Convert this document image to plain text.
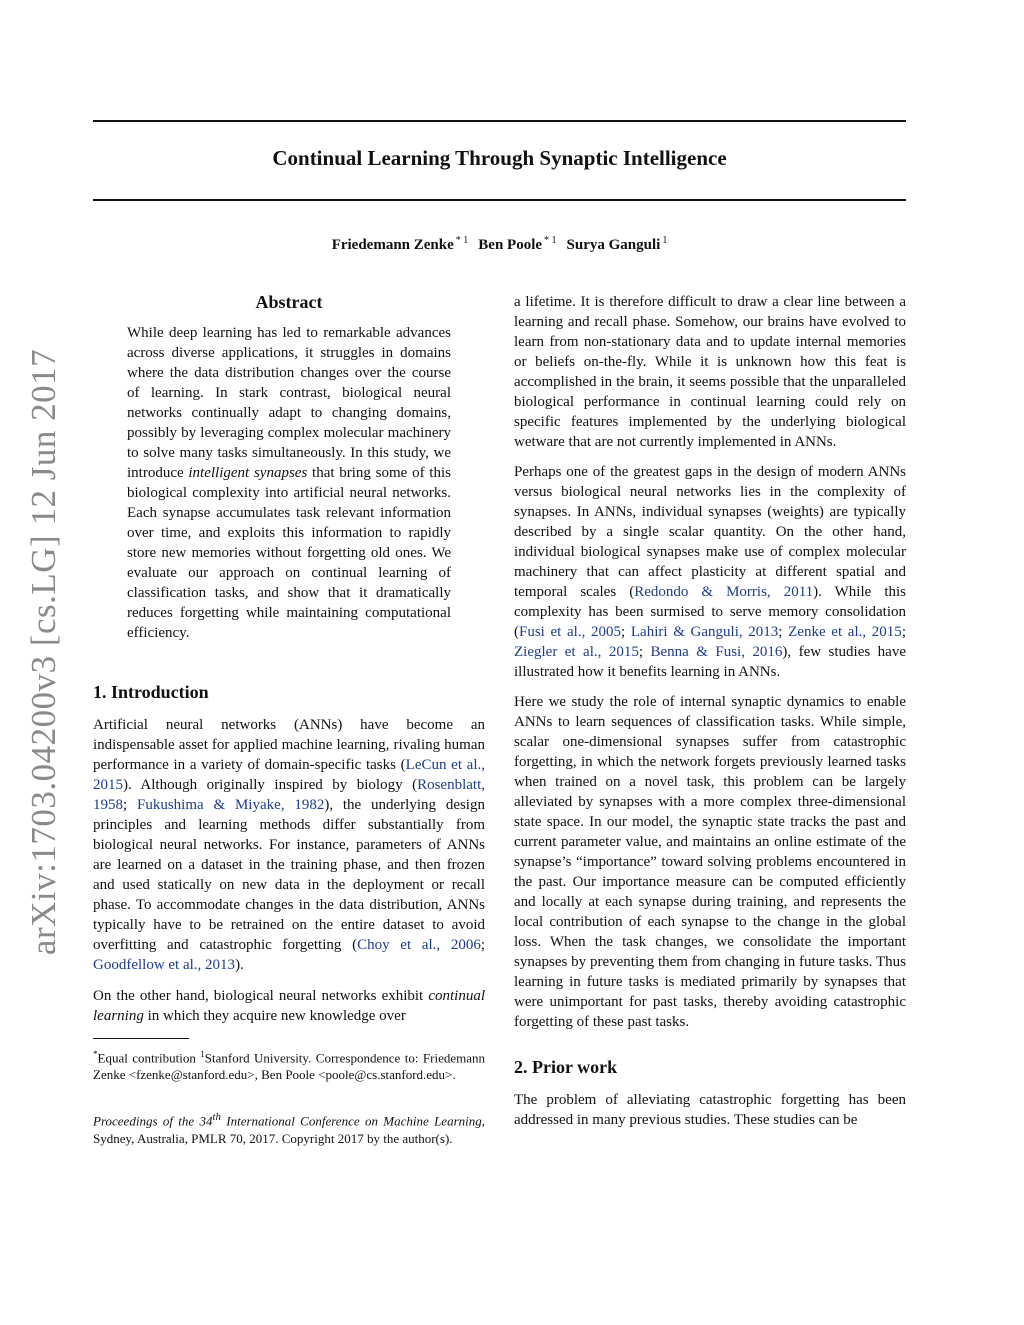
arXiv:1703.04200v3 [cs.LG] 12 Jun 2017
Continual Learning Through Synaptic Intelligence
Friedemann Zenke $^{* 1}$ Ben Poole $^{* 1}$ Surya Ganguli $^1$
Abstract

While deep learning has led to remarkable advances across diverse applications, it struggles in domains where the data distribution changes over the course of learning. In stark contrast, biological neural networks continually adapt to changing domains, possibly by leveraging complex molecular machinery to solve many tasks simultaneously. In this study, we introduce intelligent synapses that bring some of this biological complexity into artificial neural networks. Each synapse accumulates task relevant information over time, and exploits this information to rapidly store new memories without forgetting old ones. We evaluate our approach on continual learning of classification tasks, and show that it dramatically reduces forgetting while maintaining computational efficiency.

1. Introduction

Artificial neural networks (ANNs) have become an indispensable asset for applied machine learning, rivaling human performance in a variety of domain-specific tasks (LeCun et al., 2015). Although originally inspired by biology (Rosenblatt, 1958; Fukushima & Miyake, 1982), the underlying design principles and learning methods differ substantially from biological neural networks. For instance, parameters of ANNs are learned on a dataset in the training phase, and then frozen and used statically on new data in the deployment or recall phase. To accommodate changes in the data distribution, ANNs typically have to be retrained on the entire dataset to avoid overfitting and catastrophic forgetting (Choy et al., 2006; Goodfellow et al., 2013).

On the other hand, biological neural networks exhibit continual learning in which they acquire new knowledge over

*Equal contribution $^1$Stanford University. Correspondence to: Friedemann Zenke <fzenke@stanford.edu>, Ben Poole <poole@cs.stanford.edu>.

Proceedings of the 34th International Conference on Machine Learning, Sydney, Australia, PMLR 70, 2017. Copyright 2017 by the author(s).

a lifetime. It is therefore difficult to draw a clear line between a learning and recall phase. Somehow, our brains have evolved to learn from non-stationary data and to update internal memories or beliefs on-the-fly. While it is unknown how this feat is accomplished in the brain, it seems possible that the unparalleled biological performance in continual learning could rely on specific features implemented by the underlying biological wetware that are not currently implemented in ANNs.

Perhaps one of the greatest gaps in the design of modern ANNs versus biological neural networks lies in the complexity of synapses. In ANNs, individual synapses (weights) are typically described by a single scalar quantity. On the other hand, individual biological synapses make use of complex molecular machinery that can affect plasticity at different spatial and temporal scales (Redondo & Morris, 2011). While this complexity has been surmised to serve memory consolidation (Fusi et al., 2005; Lahiri & Ganguli, 2013; Zenke et al., 2015; Ziegler et al., 2015; Benna & Fusi, 2016), few studies have illustrated how it benefits learning in ANNs.

Here we study the role of internal synaptic dynamics to enable ANNs to learn sequences of classification tasks. While simple, scalar one-dimensional synapses suffer from catastrophic forgetting, in which the network forgets previously learned tasks when trained on a novel task, this problem can be largely alleviated by synapses with a more complex three-dimensional state space. In our model, the synaptic state tracks the past and current parameter value, and maintains an online estimate of the synapse’s “importance” toward solving problems encountered in the past. Our importance measure can be computed efficiently and locally at each synapse during training, and represents the local contribution of each synapse to the change in the global loss. When the task changes, we consolidate the important synapses by preventing them from changing in future tasks. Thus learning in future tasks is mediated primarily by synapses that were unimportant for past tasks, thereby avoiding catastrophic forgetting of these past tasks.

2. Prior work

The problem of alleviating catastrophic forgetting has been addressed in many previous studies. These studies can be
